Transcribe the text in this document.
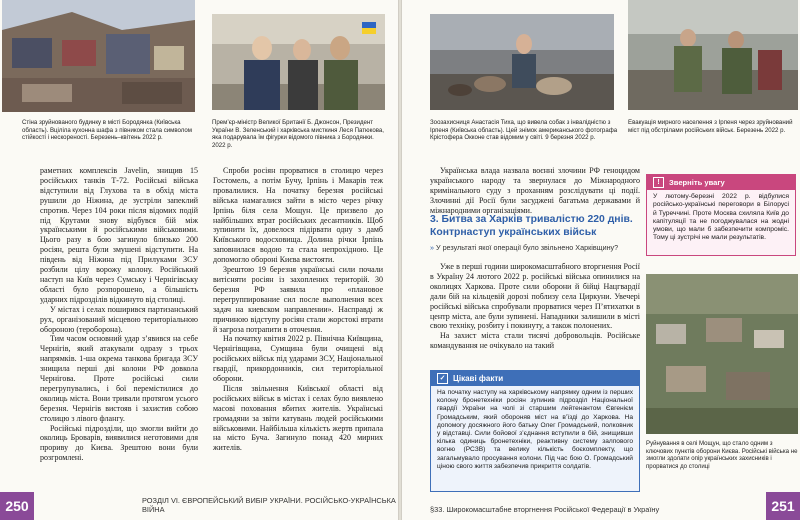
Стіна зруйнованого будинку в місті Бородянка (Київська область). Вціліла кухонна шафа з півником стала символом стійкості і нескореності. Березень–квітень 2022 р.
Прем’єр-міністр Великої Британії Б. Джонсон, Президент України В. Зеленський і харківська мисткиня Леся Патюкова, яка подарувала їм фігурки відомого півника з Бородянки. 2022 р.

раметних комплексів Javelin, знищив 15 російських танків Т-72. Російські війська відступили від Глухова та в обхід міста рушили до Ніжина, де зустріли запеклий спротив. Через 104 роки після відомих подій під Крутами знову відбувся бій між українськими й російськими військовими. Цього разу в бою загинуло близько 200 росіян, решта були змушені відступити. На південь від Ніжина під Прилуками ЗСУ розбили цілу ворожу колону. Російський наступ на Київ через Сумську і Чернігівську області було розпорошено, а більшість ударних підрозділів відкинуто від столиці.

У містах і селах поширився партизанський рух, організований місцевою територіальною обороною (тероборона).

Тим часом основний удар з’явився на себе Чернігів, який атакували одразу з трьох напрямків. 1-ша окрема танкова бригада ЗСУ знищила перші дві колони РФ довкола Чернігова. Проте російські сили перегрупувались, і бої перемістилися до околиць міста. Вони тривали протягом усього березня. Чернігів вистояв і захистив собою столицю з лівого флангу.

Російські підрозділи, що змогли вийти до околиць Броварів, виявилися неготовими для прориву до Києва. Зрештою вони були розгромлені.

Спроби росіян прорватися в столицю через Гостомель, а потім Бучу, Ірпінь і Макарів теж провалилися. На початку березня російські війська намагалися зайти в місто через річку Ірпінь біля села Мощун. Це призвело до найбільших втрат російських десантників. Щоб зупинити їх, довелося підірвати одну з дамб Київського водосховища. Долина річки Ірпінь заповнилася водою та стала непрохідною. Це допомогло обороні Києва вистояти.

Зрештою 19 березня українські сили почали витісняти росіян із захоплених територій. 30 березня РФ заявила про «плановое перегруппирование сил после выполнения всех задач на киевском направлении». Насправді ж причиною відступу росіян стали жорстокі втрати й загроза потрапити в оточення.

На початку квітня 2022 р. Північна Київщина, Чернігівщина, Сумщина були очищені від російських військ під ударами ЗСУ, Національної гвардії, прикордонників, сил територіальної оборони.

Після звільнення Київської області від російських військ в містах і селах було виявлено масові поховання вбитих жителів. Українські громадяни за звіти катувань людей російськими військовими. Найбільша кількість жертв припала на місто Буча. Загинуло понад 420 мирних жителів.

250	РОЗДІЛ VI. ЄВРОПЕЙСЬКИЙ ВИБІР УКРАЇНИ. РОСІЙСЬКО-УКРАЇНСЬКА ВІЙНА
Зоозахисниця Анастасія Тиха, що вивела собак з інвалідністю з Ірпеня (Київська область). Цей знімок американського фотографа Крістофера Окконе став відомим у світі. 9 березня 2022 р.
Евакуація мирного населення з Ірпеня через зруйнований міст під обстрілами російських військ. Березень 2022 р.
!	Зверніть увагу
У лютому-березні 2022 р. відбулися російсько-українські переговори в Білорусі й Туреччині. Проте Москва схиляла Київ до капітуляції та не погоджувалася на жодні умови, що мали б забезпечити компроміс. Тому ці зустрічі не мали результатів.
Руйнування в селі Мощун, що стало одним з ключових пунктів оборони Києва. Російські війська не змогли здолати опір українських захисників і прорватися до столиці

Українська влада назвала воєнні злочини РФ геноцидом українського народу та звернулася до Міжнародного кримінального суду з проханням розслідувати ці події. Злочинні дії Росії були засуджені багатьма державами й міжнародними організаціями.

3. Битва за Харків тривалістю 220 днів. Контрнаступ українських військ
» У результаті якої операції було звільнено Харківщину?

Уже в перші години широкомасштабного вторгнення Росії в Україну 24 лютого 2022 р. російські війська опинилися на околицях Харкова. Проте сили оборони й бійці Нацгвардії дали бій на кільцевій дорозі поблизу села Циркуни. Увечері російські війська спробували прорватися через П’ятихатки в центр міста, але були зупинені. Нападники залишили в місті свою техніку, розбиту і покинуту, а також полонених.

На захист міста стали тисячі добровольців. Російське командування не очікувало на такий

✓ Цікаві факти
На початку наступу на харківському напрямку одним із перших колону бронетехніки росіян зупинив підрозділ Національної гвардії України на чолі зі старшим лейтенантом Євгенієм Громадським, який обороняв міст на в’їзді до Харкова. На допомогу досяжного його батьку Олег Громадський, полковник у відставці. Сили бойової з’єднання вступили в бій, знищивши кілька одиниць бронетехніки, реактивну систему залпового вогню (РСЗВ) та велику кількість боєкомплекту, що загальмувало просування колони. Під час бою О. Громадський ціною свого життя забезпечив прикриття солдатів.
§33. Широкомасштабне вторгнення Російської Федерації в Україну	251
